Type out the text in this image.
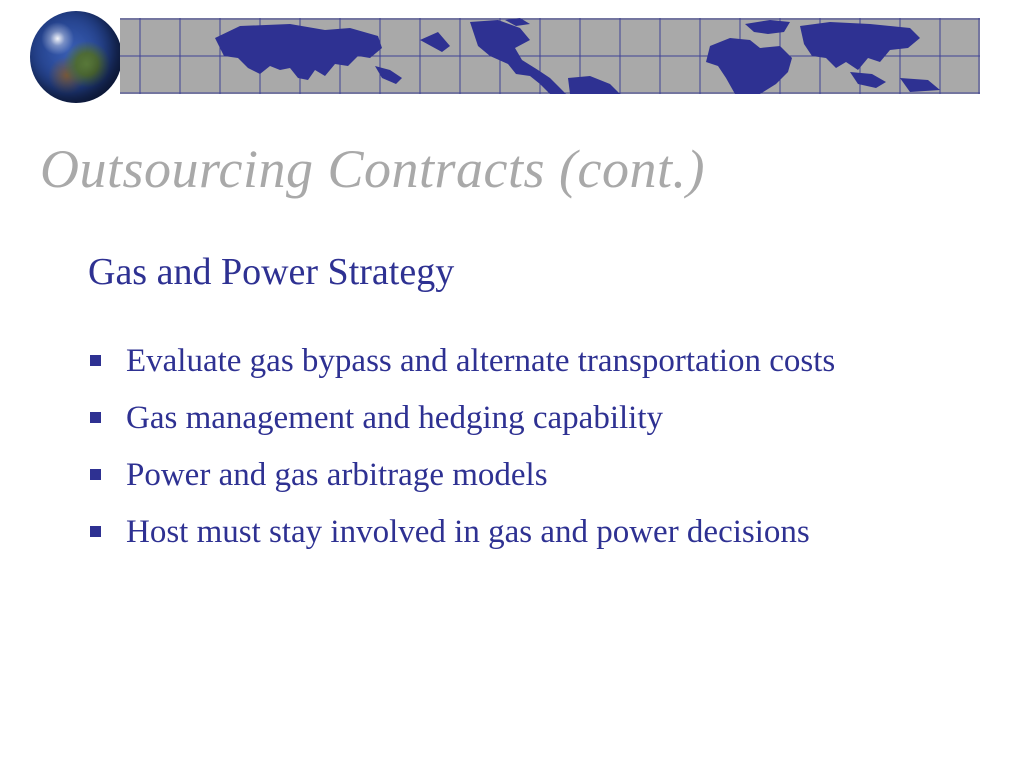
Outsourcing Contracts (cont.)
Gas and Power Strategy
Evaluate gas bypass and alternate transportation costs
Gas management and hedging capability
Power and gas arbitrage models
Host must stay involved in gas and power decisions
